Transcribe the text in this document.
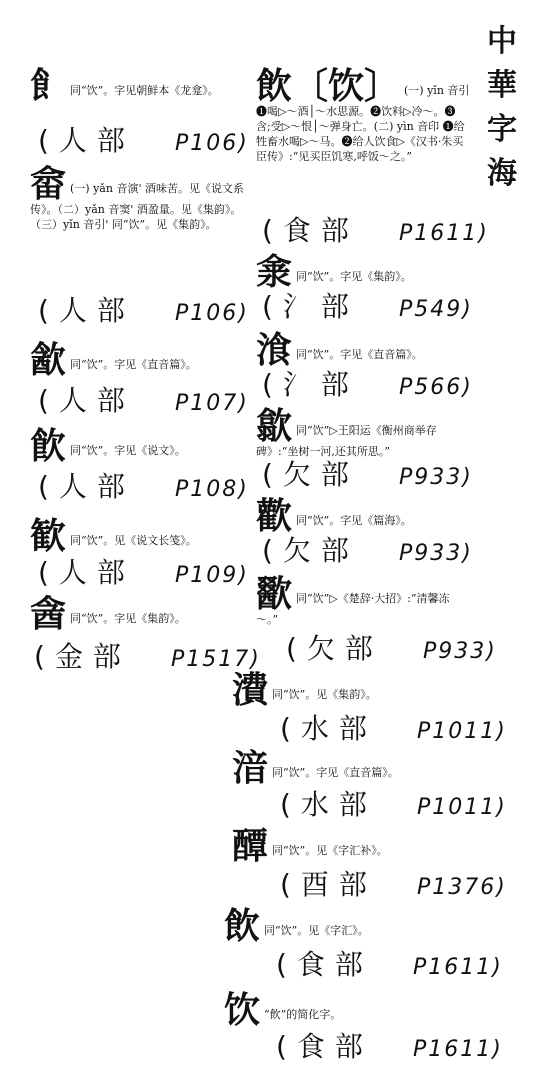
中
華
字
海
飠同“饮”。字见朝鲜本《龙龛》。
(人部 P106)
畲 (一) yǎn 音演' 酒味苦。见《说文系传》。（二）yǎn 音窦' 酒盈量。见《集韵》。（三）yǐn 音引' 同“饮”。见《集韵》。
(人部 P106)
㱃同“饮”。字见《直音篇》。
(人部 P107)
飮同“饮”。字见《说文》。
(人部 P108)
歓同“饮”。见《说文长笺》。
(人部 P109)
酓同“饮”。字见《集韵》。
(金部 P1517)
飲〔饮〕 (一) yǐn 音引 ❶喝▷～酒│～水思源。❷饮料▷冷～。❸含;受▷～恨│～弹身亡。(二) yìn 音印 ❶给牲畜水喝▷～马。❷给人饮食▷《汉书·朱买臣传》:“见买臣饥寒,呼饭～之。”
(食部 P1611)
淾同“饮”。字见《集韵》。
(氵部 P549)
湌同“饮”。字见《直音篇》。
(氵部 P566)
歙同“饮”▷王阳运《衡州商举存碑》:“坐树一河,还其所思。”
(欠部 P933)
歡同“饮”。字见《篇海》。
(欠部 P933)
歠同“饮”▷《楚辞·大招》:“清馨冻～。”
(欠部 P933)
㵒同“饮”。见《集韵》。
(水部 P1011)
湆同“饮”。字见《直音篇》。
(水部 P1011)
醰同“饮”。见《字汇补》。
(酉部 P1376)
飲同“饮”。见《字汇》。
(食部 P1611)
饮 “飲”的简化字。
(食部 P1611)
